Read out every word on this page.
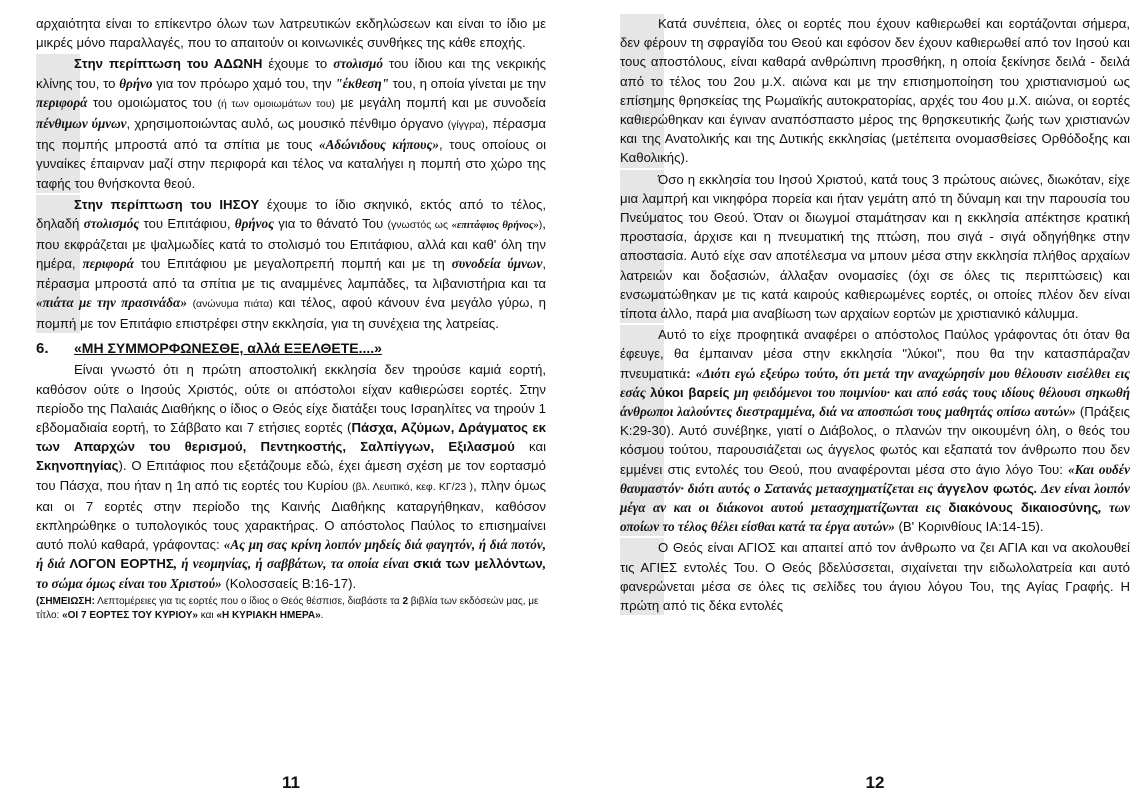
αρχαιότητα είναι το επίκεντρο όλων των λατρευτικών εκδηλώσεων και είναι το ίδιο με μικρές μόνο παραλλαγές, που το απαιτούν οι κοινωνικές συνθήκες της κάθε εποχής.

Στην περίπτωση του ΑΔΩΝΗ έχουμε το στολισμό του ίδιου και της νεκρικής κλίνης του, το θρήνο για τον πρόωρο χαμό του, την "έκθεση" του, η οποία γίνεται με την περιφορά του ομοιώματος του (ή των ομοιωμάτων του) με μεγάλη πομπή και με συνοδεία πένθιμων ύμνων, χρησιμοποιώντας αυλό, ως μουσικό πένθιμο όργανο (γίγγρα), πέρασμα της πομπής μπροστά από τα σπίτια με τους «Αδώνιδους κήπους», τους οποίους οι γυναίκες έπαιρναν μαζί στην περιφορά και τέλος να καταλήγει η πομπή στο χώρο της ταφής του θνήσκοντα θεού.

Στην περίπτωση του ΙΗΣΟΥ έχουμε το ίδιο σκηνικό, εκτός από το τέλος, δηλαδή στολισμός του Επιτάφιου, θρήνος για το θάνατό Του (γνωστός ως «επιτάφιος θρήνος»), που εκφράζεται με ψαλμωδίες κατά το στολισμό του Επιτάφιου, αλλά και καθ' όλη την ημέρα, περιφορά του Επιτάφιου με μεγαλοπρεπή πομπή και με τη συνοδεία ύμνων, πέρασμα μπροστά από τα σπίτια με τις αναμμένες λαμπάδες, τα λιβανιστήρια και τα «πιάτα με την πρασινάδα» (ανώνυμα πιάτα) και τέλος, αφού κάνουν ένα μεγάλο γύρω, η πομπή με τον Επιτάφιο επιστρέφει στην εκκλησία, για τη συνέχεια της λατρείας.

6.	«ΜΗ ΣΥΜΜΟΡΦΩΝΕΣΘΕ, αλλά ΕΞΕΛΘΕΤΕ....»

Είναι γνωστό ότι η πρώτη αποστολική εκκλησία δεν τηρούσε καμιά εορτή, καθόσον ούτε ο Ιησούς Χριστός, ούτε οι απόστολοι είχαν καθιερώσει εορτές. Στην περίοδο της Παλαιάς Διαθήκης ο ίδιος ο Θεός είχε διατάξει τους Ισραηλίτες να τηρούν 1 εβδομαδιαία εορτή, το Σάββατο και 7 ετήσιες εορτές (Πάσχα, Αζύμων, Δράγματος εκ των Απαρχών του θερισμού, Πεντηκοστής, Σαλπίγγων, Εξιλασμού και Σκηνοπηγίας). Ο Επιτάφιος που εξετάζουμε εδώ, έχει άμεση σχέση με τον εορτασμό του Πάσχα, που ήταν η 1η από τις εορτές του Κυρίου (βλ. Λευιτικό, κεφ. ΚΓ/23 ), πλην όμως και οι 7 εορτές στην περίοδο της Καινής Διαθήκης καταργήθηκαν, καθόσον εκπληρώθηκε ο τυπολογικός τους χαρακτήρας. Ο απόστολος Παύλος το επισημαίνει αυτό πολύ καθαρά, γράφοντας: «Ας μη σας κρίνη λοιπόν μηδείς διά φαγητόν, ή διά ποτόν, ή διά ΛΟΓΟΝ ΕΟΡΤΗΣ, ή νεομηνίας, ή σαββάτων, τα οποία είναι σκιά των μελλόντων, το σώμα όμως είναι του Χριστού» (Κολοσσαείς Β:16-17).

(ΣΗΜΕΙΩΣΗ: Λεπτομέρειες για τις εορτές που ο ίδιος ο Θεός θέσπισε, διαβάστε τα 2 βιβλία των εκδόσεών μας, με τίτλο: «ΟΙ 7 ΕΟΡΤΕΣ ΤΟΥ ΚΥΡΙΟΥ» και «Η ΚΥΡΙΑΚΗ ΗΜΕΡΑ».

11

Κατά συνέπεια, όλες οι εορτές που έχουν καθιερωθεί και εορτάζονται σήμερα, δεν φέρουν τη σφραγίδα του Θεού και εφόσον δεν έχουν καθιερωθεί από τον Ιησού και τους αποστόλους, είναι καθαρά ανθρώπινη προσθήκη, η οποία ξεκίνησε δειλά - δειλά από το τέλος του 2ου μ.Χ. αιώνα και με την επισημοποίηση του χριστιανισμού ως επίσημης θρησκείας της Ρωμαϊκής αυτοκρατορίας, αρχές του 4ου μ.Χ. αιώνα, οι εορτές καθιερώθηκαν και έγιναν αναπόσπαστο μέρος της θρησκευτικής ζωής των χριστιανών και της Ανατολικής και της Δυτικής εκκλησίας (μετέπειτα ονομασθείσες Ορθόδοξης και Καθολικής).

Όσο η εκκλησία του Ιησού Χριστού, κατά τους 3 πρώτους αιώνες, διωκόταν, είχε μια λαμπρή και νικηφόρα πορεία και ήταν γεμάτη από τη δύναμη και την παρουσία του Πνεύματος του Θεού. Όταν οι διωγμοί σταμάτησαν και η εκκλησία απέκτησε κρατική προστασία, άρχισε και η πνευματική της πτώση, που σιγά - σιγά οδηγήθηκε στην αποστασία. Αυτό είχε σαν αποτέλεσμα να μπουν μέσα στην εκκλησία πλήθος αρχαίων λατρειών και δοξασιών, άλλαξαν ονομασίες (όχι σε όλες τις περιπτώσεις) και ενσωματώθηκαν με τις κατά καιρούς καθιερωμένες εορτές, οι οποίες πλέον δεν είναι τίποτα άλλο, παρά μια αναβίωση των αρχαίων εορτών με χριστιανικό κάλυμμα.

Αυτό το είχε προφητικά αναφέρει ο απόστολος Παύλος γράφοντας ότι όταν θα έφευγε, θα έμπαιναν μέσα στην εκκλησία "λύκοι", που θα την κατασπάραζαν πνευματικά: «Διότι εγώ εξεύρω τούτο, ότι μετά την αναχώρησίν μου θέλουσιν εισέλθει εις εσάς λύκοι βαρείς μη φειδόμενοι του ποιμνίου· και από εσάς τους ιδίους θέλουσι σηκωθή άνθρωποι λαλούντες διεστραμμένα, διά να αποσπώσι τους μαθητάς οπίσω αυτών» (Πράξεις Κ:29-30). Αυτό συνέβηκε, γιατί ο Διάβολος, ο πλανών την οικουμένη όλη, ο θεός του κόσμου τούτου, παρουσιάζεται ως άγγελος φωτός και εξαπατά τον άνθρωπο που δεν εμμένει στις εντολές του Θεού, που αναφέρονται μέσα στο άγιο λόγο Του: «Και ουδέν θαυμαστόν· διότι αυτός ο Σατανάς μετασχηματίζεται εις άγγελον φωτός. Δεν είναι λοιπόν μέγα αν και οι διάκονοι αυτού μετασχηματίζωνται εις διακόνους δικαιοσύνης, των οποίων το τέλος θέλει είσθαι κατά τα έργα αυτών» (Β' Κορινθίους ΙΑ:14-15).

Ο Θεός είναι ΑΓΙΟΣ και απαιτεί από τον άνθρωπο να ζει ΑΓΙΑ και να ακολουθεί τις ΑΓΙΕΣ εντολές Του. Ο Θεός βδελύσσεται, σιχαίνεται την ειδωλολατρεία και αυτό φανερώνεται μέσα σε όλες τις σελίδες του άγιου λόγου Του, της Αγίας Γραφής. Η πρώτη από τις δέκα εντολές

12
